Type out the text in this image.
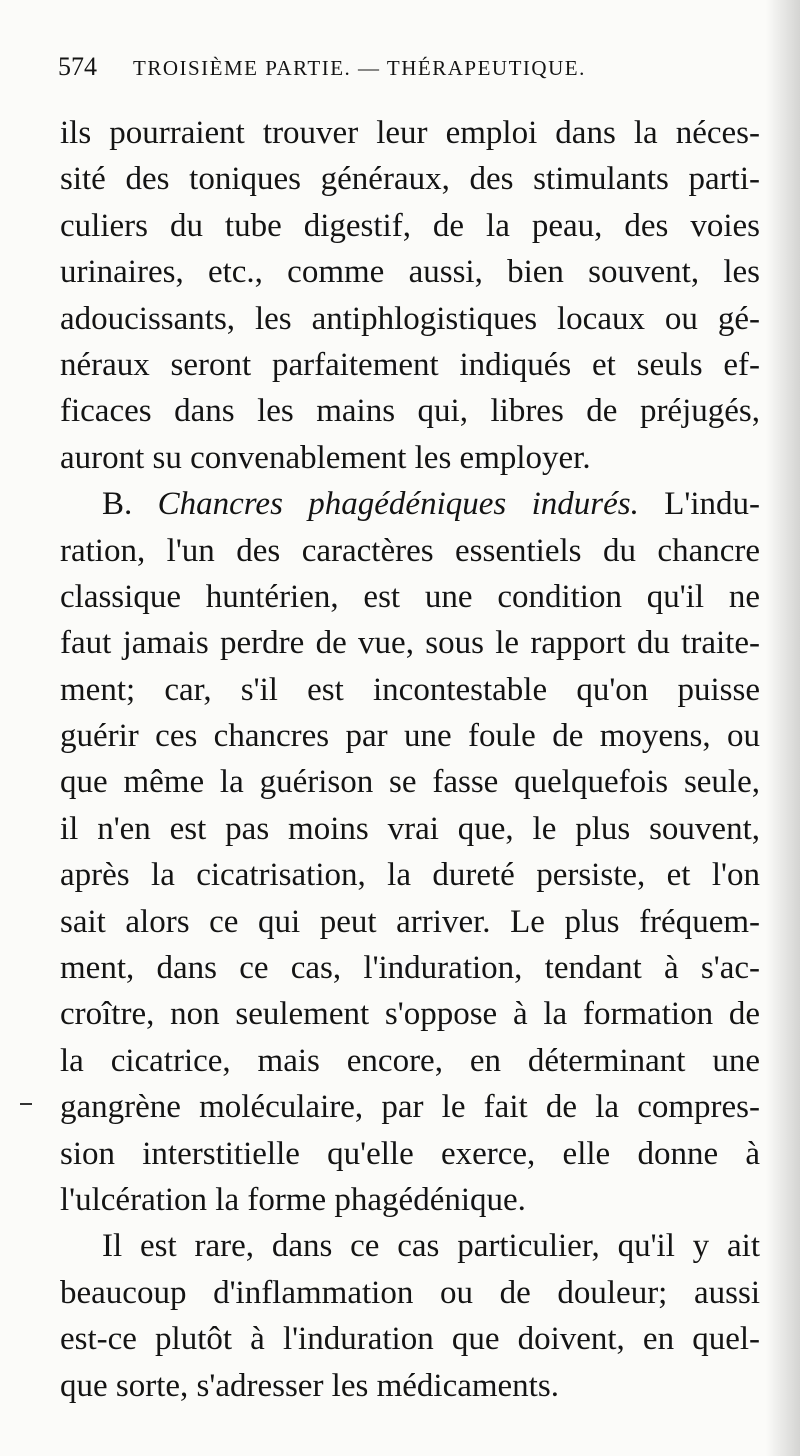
574 TROISIÈME PARTIE. — THÉRAPEUTIQUE.
ils pourraient trouver leur emploi dans la néces-
sité des toniques généraux, des stimulants parti-
culiers du tube digestif, de la peau, des voies
urinaires, etc., comme aussi, bien souvent, les
adoucissants, les antiphlogistiques locaux ou gé-
néraux seront parfaitement indiqués et seuls ef-
ficaces dans les mains qui, libres de préjugés,
auront su convenablement les employer.
B. Chancres phagédéniques indurés. L'indu-
ration, l'un des caractères essentiels du chancre
classique huntérien, est une condition qu'il ne
faut jamais perdre de vue, sous le rapport du traite-
ment; car, s'il est incontestable qu'on puisse
guérir ces chancres par une foule de moyens, ou
que même la guérison se fasse quelquefois seule,
il n'en est pas moins vrai que, le plus souvent,
après la cicatrisation, la dureté persiste, et l'on
sait alors ce qui peut arriver. Le plus fréquem-
ment, dans ce cas, l'induration, tendant à s'ac-
croître, non seulement s'oppose à la formation de
la cicatrice, mais encore, en déterminant une
gangrène moléculaire, par le fait de la compres-
sion interstitielle qu'elle exerce, elle donne à
l'ulcération la forme phagédénique.
Il est rare, dans ce cas particulier, qu'il y ait
beaucoup d'inflammation ou de douleur; aussi
est-ce plutôt à l'induration que doivent, en quel-
que sorte, s'adresser les médicaments.
